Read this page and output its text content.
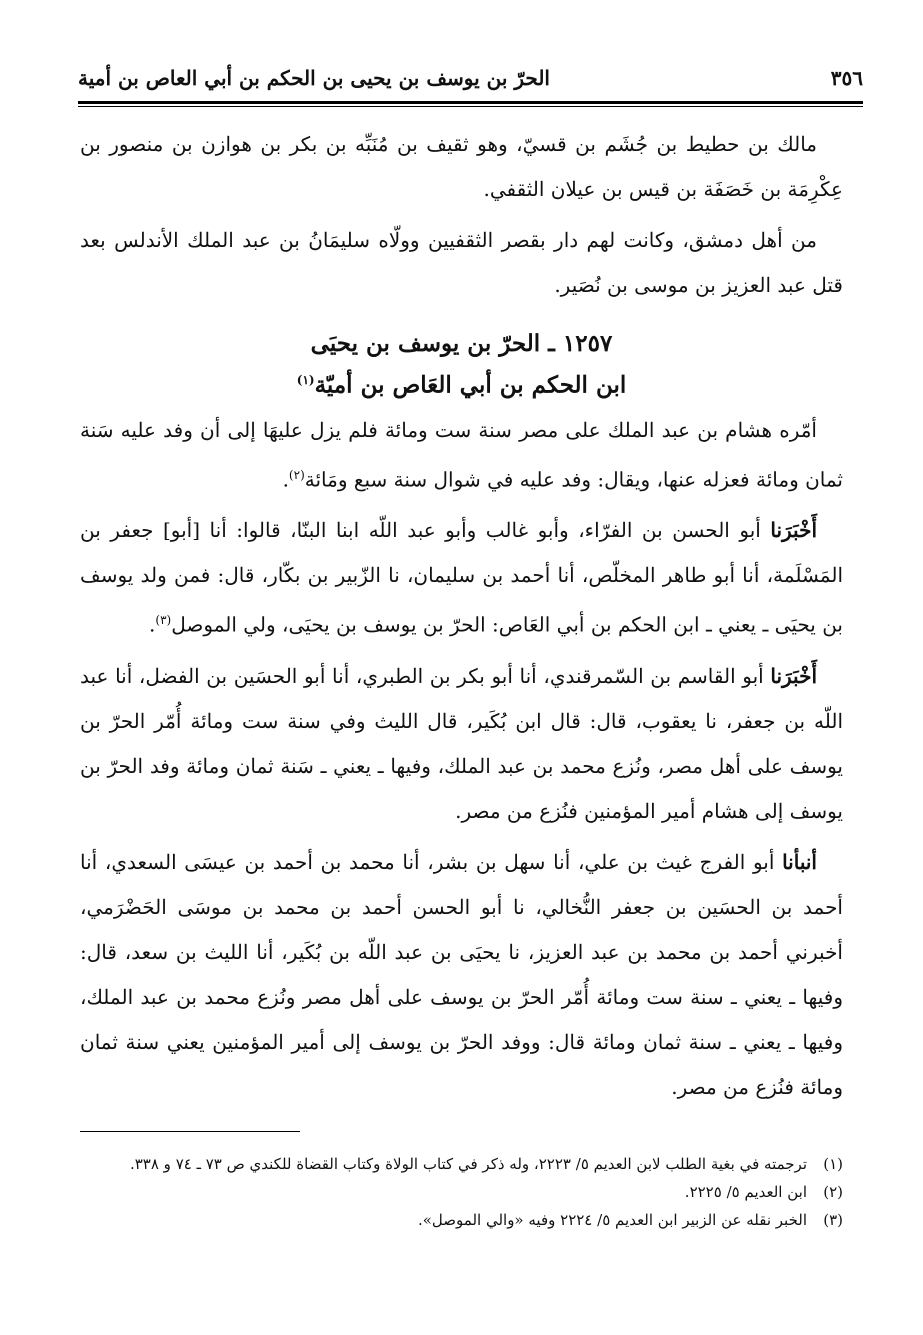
٣٥٦
الحرّ بن يوسف بن يحيى بن الحكم بن أبي العاص بن أمية

مالك بن حطيط بن جُشَم بن قسيّ، وهو ثقيف بن مُنَبِّه بن بكر بن هوازن بن منصور بن عِكْرِمَة بن خَصَفَة بن قيس بن عيلان الثقفي.

من أهل دمشق، وكانت لهم دار بقصر الثقفيين وولّاه سليمَانُ بن عبد الملك الأندلس بعد قتل عبد العزيز بن موسى بن نُصَير.

١٢٥٧ ـ الحرّ بن يوسف بن يحيَى
ابن الحكم بن أبي العَاص بن أميّة$^{(١)}$

أمّره هشام بن عبد الملك على مصر سنة ست ومائة فلم يزل عليهَا إلى أن وفد عليه سَنة ثمان ومائة فعزله عنها، ويقال: وفد عليه في شوال سنة سبع ومَائة$^{(٢)}$.

أَخْبَرَنا أبو الحسن بن الفرّاء، وأبو غالب وأبو عبد اللّه ابنا البنّا، قالوا: أنا [أبو] جعفر بن المَسْلَمة، أنا أبو طاهر المخلّص، أنا أحمد بن سليمان، نا الزّبير بن بكّار، قال: فمن ولد يوسف بن يحيَى ـ يعني ـ ابن الحكم بن أبي العَاص: الحرّ بن يوسف بن يحيَى، ولي الموصل$^{(٣)}$.

أَخْبَرَنا أبو القاسم بن السّمرقندي، أنا أبو بكر بن الطبري، أنا أبو الحسَين بن الفضل، أنا عبد اللّه بن جعفر، نا يعقوب، قال: قال ابن بُكَير، قال الليث وفي سنة ست ومائة أُمّر الحرّ بن يوسف على أهل مصر، ونُزع محمد بن عبد الملك، وفيها ـ يعني ـ سَنة ثمان ومائة وفد الحرّ بن يوسف إلى هشام أمير المؤمنين فنُزع من مصر.

أنبأنا أبو الفرج غيث بن علي، أنا سهل بن بشر، أنا محمد بن أحمد بن عيسَى السعدي، أنا أحمد بن الحسَين بن جعفر النُّخالي، نا أبو الحسن أحمد بن محمد بن موسَى الحَضْرَمي، أخبرني أحمد بن محمد بن عبد العزيز، نا يحيَى بن عبد اللّه بن بُكَير، أنا الليث بن سعد، قال: وفيها ـ يعني ـ سنة ست ومائة أُمّر الحرّ بن يوسف على أهل مصر ونُزع محمد بن عبد الملك، وفيها ـ يعني ـ سنة ثمان ومائة قال: ووفد الحرّ بن يوسف إلى أمير المؤمنين يعني سنة ثمان ومائة فنُزع من مصر.

(١)
ترجمته في بغية الطلب لابن العديم ٥/ ٢٢٢٣، وله ذكر في كتاب الولاة وكتاب القضاة للكندي ص ٧٣ ـ ٧٤ و ٣٣٨.
(٢)
ابن العديم ٥/ ٢٢٢٥.
(٣)
الخبر نقله عن الزبير ابن العديم ٥/ ٢٢٢٤ وفيه «والي الموصل».
